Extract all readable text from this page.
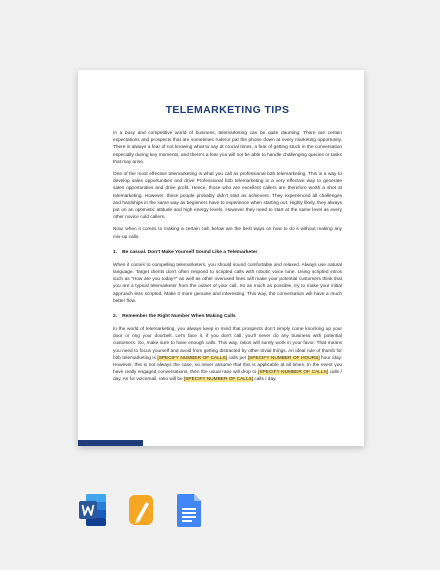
TELEMARKETING TIPS

In a busy and competitive world of business, telemarketing can be quite daunting. There are certain expectations and prospects that are sometimes rude/or pat the phone down at every marketing opportunity. There is always a fear of not knowing what to say at crucial times, a fear of getting stuck in the conversation especially during key moments, and there’s a fear you will not be able to handle challenging queries or tasks that may arise.

One of the most effective telemarketing is what you call as professional b2b telemarketing. This is a way to develop sales opportunities and drive Professional b2b telemarketing is a very effective way to generate sales opportunities and drive profit. Hence, those who are excellent callers are therefore worth a shot at telemarketing. However, these people probably didn’t start as achievers. They experienced all challenges and hardships in the same way as beginners have to experience when starting out. Highly likely, they always put on an optimistic attitude and high energy levels. However they need to start at the same level as every other novice cold callers.

Now, when it comes to making a certain call, below are the best ways on how to do it without making any mix-up calls.

1. Be casual. Don’t Make Yourself Sound Like a Telemarketer

When it comes to compelling telemarketers, you should sound comfortable and relaxed. Always use natural language. Target clients don’t often respond to scripted calls with robotic voice tone. Using scripted intros such as “How are you today?” as well as other overused lines will make your potential customers think that you are a typical telemarketer from the outset of your call. So as much as possible, try to make your initial approach less scripted. Make it more genuine and interesting. This way, the conversation will have a much better flow.

2. Remember the Right Number When Making Calls

In the world of telemarketing, you always keep in mind that prospects don’t simply come knocking up your door or ring your doorbell. Let’s face it, if you don’t call, you’ll never do any business with potential customers. So, make sure to have enough calls. This way, ratios will surely work in your favor. That means you need to focus yourself and avoid from getting distracted by other trivial things. An ideal rule of thumb for b2b telemarketing is [SPECIFY NUMBER OF CALLS] calls per [SPECIFY NUMBER OF HOURS] hour /day. However, this is not always the case, so never assume that this is applicable at all times. In the event you have really engaged conversations, then the usual ratio will drop to [SPECIFY NUMBER OF CALLS] calls / day. As for voicemail, ratio will be [SPECIFY NUMBER OF CALLS] calls / day.
